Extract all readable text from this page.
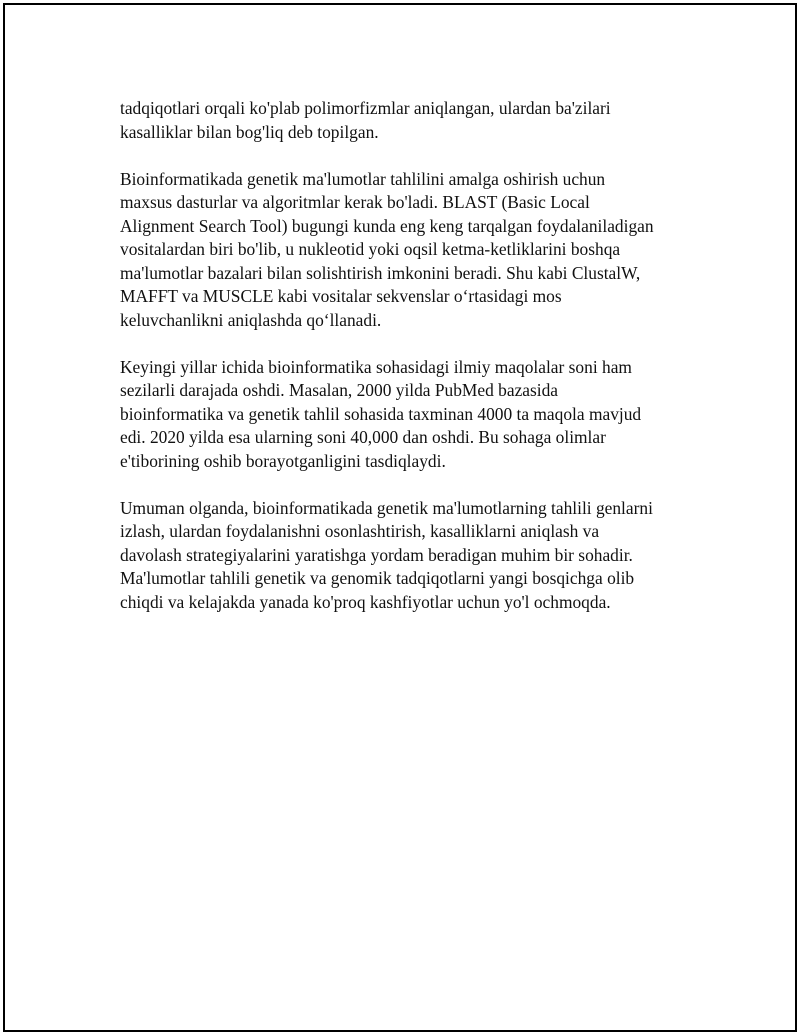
tadqiqotlari orqali ko'plab polimorfizmlar aniqlangan, ulardan ba'zilari
kasalliklar bilan bog'liq deb topilgan.

Bioinformatikada genetik ma'lumotlar tahlilini amalga oshirish uchun
maxsus dasturlar va algoritmlar kerak bo'ladi. BLAST (Basic Local
Alignment Search Tool) bugungi kunda eng keng tarqalgan foydalaniladigan
vositalardan biri bo'lib, u nukleotid yoki oqsil ketma-ketliklarini boshqa
ma'lumotlar bazalari bilan solishtirish imkonini beradi. Shu kabi ClustalW,
MAFFT va MUSCLE kabi vositalar sekvenslar o‘rtasidagi mos
keluvchanlikni aniqlashda qo‘llanadi.

Keyingi yillar ichida bioinformatika sohasidagi ilmiy maqolalar soni ham
sezilarli darajada oshdi. Masalan, 2000 yilda PubMed bazasida
bioinformatika va genetik tahlil sohasida taxminan 4000 ta maqola mavjud
edi. 2020 yilda esa ularning soni 40,000 dan oshdi. Bu sohaga olimlar
e'tiborining oshib borayotganligini tasdiqlaydi.

Umuman olganda, bioinformatikada genetik ma'lumotlarning tahlili genlarni
izlash, ulardan foydalanishni osonlashtirish, kasalliklarni aniqlash va
davolash strategiyalarini yaratishga yordam beradigan muhim bir sohadir.
Ma'lumotlar tahlili genetik va genomik tadqiqotlarni yangi bosqichga olib
chiqdi va kelajakda yanada ko'proq kashfiyotlar uchun yo'l ochmoqda.
